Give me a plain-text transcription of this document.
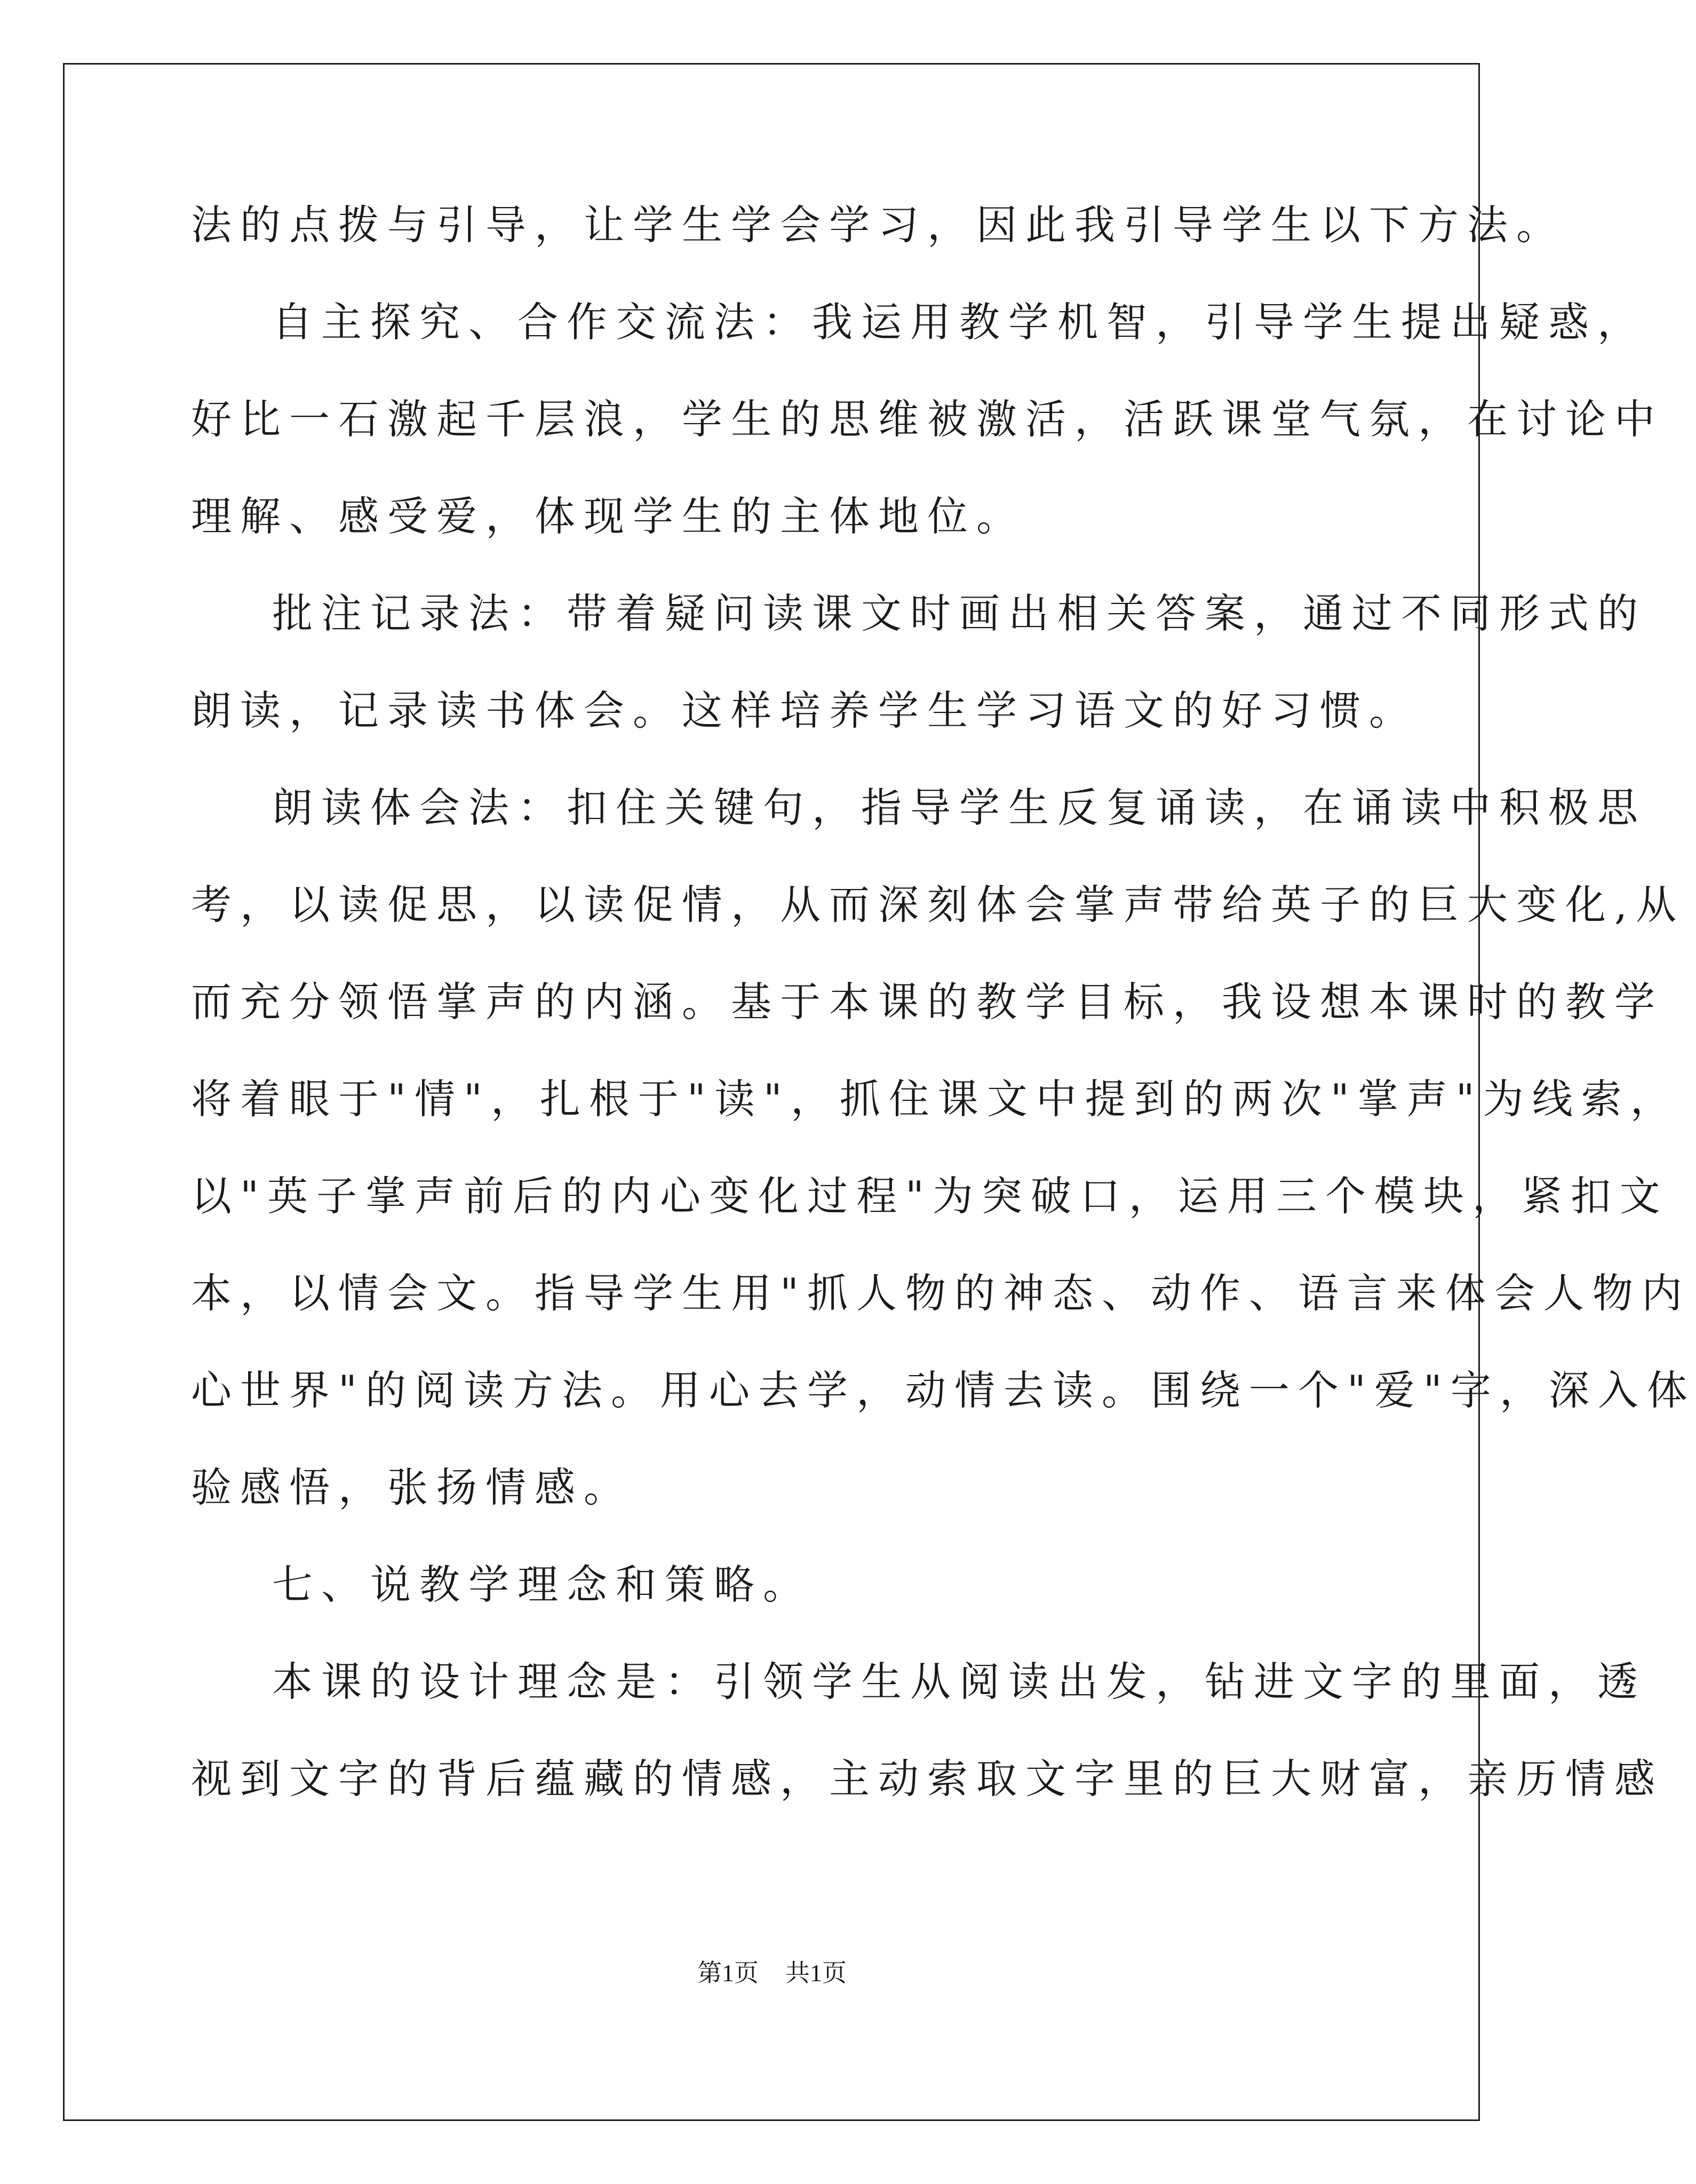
法的点拨与引导，让学生学会学习，因此我引导学生以下方法。
自主探究、合作交流法：我运用教学机智，引导学生提出疑惑，
好比一石激起千层浪，学生的思维被激活，活跃课堂气氛，在讨论中
理解、感受爱，体现学生的主体地位。
批注记录法：带着疑问读课文时画出相关答案，通过不同形式的
朗读，记录读书体会。这样培养学生学习语文的好习惯。
朗读体会法：扣住关键句，指导学生反复诵读，在诵读中积极思
考，以读促思，以读促情，从而深刻体会掌声带给英子的巨大变化,从
而充分领悟掌声的内涵。基于本课的教学目标，我设想本课时的教学
将着眼于"情"，扎根于"读"，抓住课文中提到的两次"掌声"为线索，
以"英子掌声前后的内心变化过程"为突破口，运用三个模块，紧扣文
本，以情会文。指导学生用"抓人物的神态、动作、语言来体会人物内
心世界"的阅读方法。用心去学，动情去读。围绕一个"爱"字，深入体
验感悟，张扬情感。
七、说教学理念和策略。
本课的设计理念是：引领学生从阅读出发，钻进文字的里面，透
视到文字的背后蕴藏的情感，主动索取文字里的巨大财富，亲历情感
第1页 共1页
